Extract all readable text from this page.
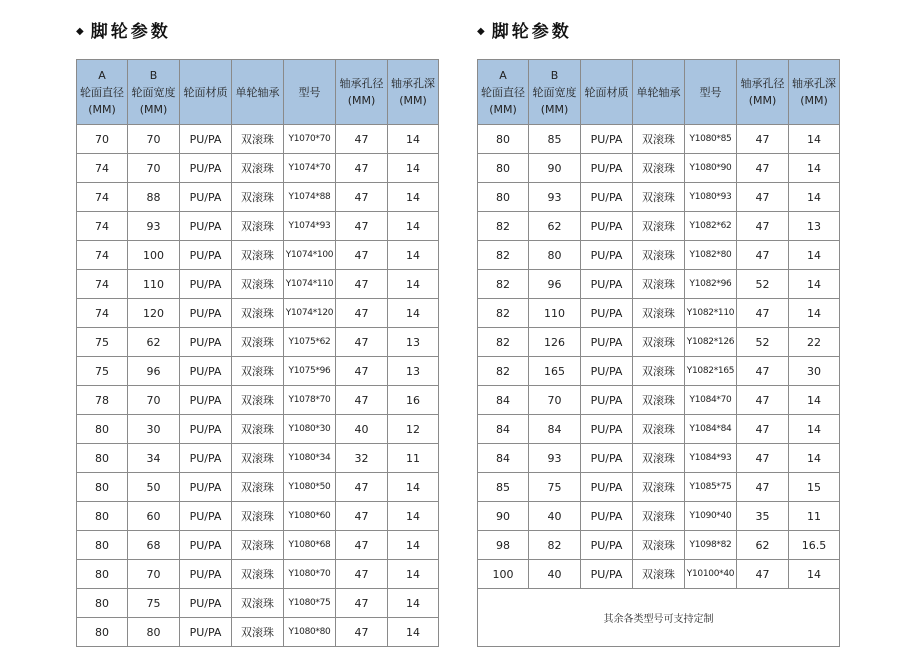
◆ 脚轮参数
A
轮面直径
(MM)	B
轮面宽度
(MM)	轮面材质	单轮轴承	型号	轴承孔径
(MM)	轴承孔深
(MM)

70	70	PU/PA	双滚珠	Y1070*70	47	14
74	70	PU/PA	双滚珠	Y1074*70	47	14
74	88	PU/PA	双滚珠	Y1074*88	47	14
74	93	PU/PA	双滚珠	Y1074*93	47	14
74	100	PU/PA	双滚珠	Y1074*100	47	14
74	110	PU/PA	双滚珠	Y1074*110	47	14
74	120	PU/PA	双滚珠	Y1074*120	47	14
75	62	PU/PA	双滚珠	Y1075*62	47	13
75	96	PU/PA	双滚珠	Y1075*96	47	13
78	70	PU/PA	双滚珠	Y1078*70	47	16
80	30	PU/PA	双滚珠	Y1080*30	40	12
80	34	PU/PA	双滚珠	Y1080*34	32	11
80	50	PU/PA	双滚珠	Y1080*50	47	14
80	60	PU/PA	双滚珠	Y1080*60	47	14
80	68	PU/PA	双滚珠	Y1080*68	47	14
80	70	PU/PA	双滚珠	Y1080*70	47	14
80	75	PU/PA	双滚珠	Y1080*75	47	14
80	80	PU/PA	双滚珠	Y1080*80	47	14
◆ 脚轮参数
A
轮面直径
(MM)	B
轮面宽度
(MM)	轮面材质	单轮轴承	型号	轴承孔径
(MM)	轴承孔深
(MM)

80	85	PU/PA	双滚珠	Y1080*85	47	14
80	90	PU/PA	双滚珠	Y1080*90	47	14
80	93	PU/PA	双滚珠	Y1080*93	47	14
82	62	PU/PA	双滚珠	Y1082*62	47	13
82	80	PU/PA	双滚珠	Y1082*80	47	14
82	96	PU/PA	双滚珠	Y1082*96	52	14
82	110	PU/PA	双滚珠	Y1082*110	47	14
82	126	PU/PA	双滚珠	Y1082*126	52	22
82	165	PU/PA	双滚珠	Y1082*165	47	30
84	70	PU/PA	双滚珠	Y1084*70	47	14
84	84	PU/PA	双滚珠	Y1084*84	47	14
84	93	PU/PA	双滚珠	Y1084*93	47	14
85	75	PU/PA	双滚珠	Y1085*75	47	15
90	40	PU/PA	双滚珠	Y1090*40	35	11
98	82	PU/PA	双滚珠	Y1098*82	62	16.5
100	40	PU/PA	双滚珠	Y10100*40	47	14
其余各类型号可支持定制						
